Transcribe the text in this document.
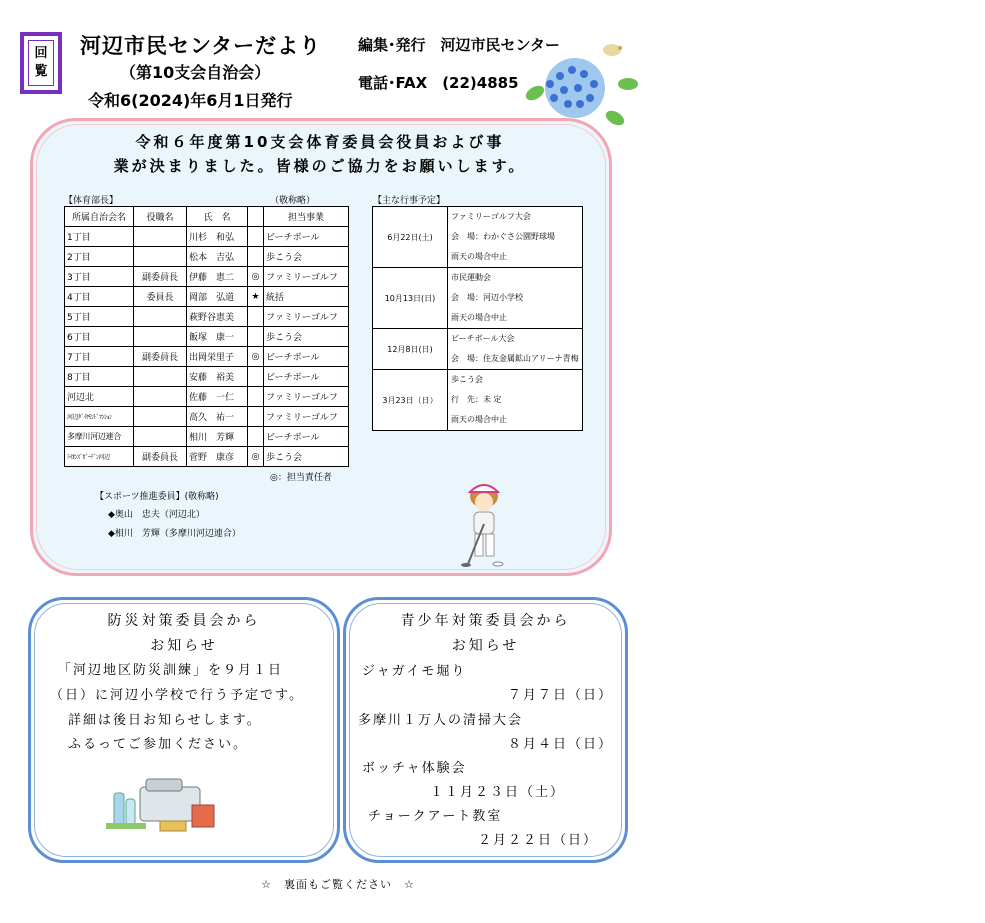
回
覧
河辺市民センターだより
（第10支会自治会）
令和6(2024)年6月1日発行
編集･発行　河辺市民センター
電話･FAX　(22)4885
令和６年度第10支会体育委員会役員および事
業が決まりました。皆様のご協力をお願いします。
【体育部長】	（敬称略）
所属自治会名	役職名	氏　名		担当事業
1丁目		川杉　和弘		ビーチボール
2丁目		松本　吉弘		歩こう会
3丁目	副委員長	伊藤　恵二	◎	ファミリーゴルフ
4丁目	委員長	岡部　弘道	★	統括
5丁目		萩野谷恵美		ファミリーゴルフ
6丁目		飯塚　康一		歩こう会
7丁目	副委員長	出岡栄里子	◎	ビーチボール
8丁目		安藤　裕美		ビーチボール
河辺北		佐藤　一仁		ファミリーゴルフ
河辺ﾀﾞｲﾔﾓﾝﾄﾞﾏﾝｼｮﾝ		高久　祐一		ファミリーゴルフ
多摩川河辺連合		相川　芳輝		ビーチボール
ﾗｲｵﾝｽﾞｶﾞｰﾃﾞﾝ河辺	副委員長	菅野　康彦	◎	歩こう会
◎：担当責任者
【主な行事予定】
6月22日(土)	ファミリーゴルフ大会
会　場：わかぐさ公園野球場
雨天の場合中止

10月13日(日)	市民運動会
会　場：河辺小学校
雨天の場合中止

12月8日(日)	ビーチボール大会
会　場：住友金属鉱山アリーナ青梅

3月23日（日）	歩こう会
行　先：未 定
雨天の場合中止
【スポーツ推進委員】(敬称略)
◆奥山　忠夫（河辺北）
◆相川　芳輝（多摩川河辺連合）
防災対策委員会から
お知らせ
「河辺地区防災訓練」を９月１日
（日）に河辺小学校で行う予定です。
詳細は後日お知らせします。
ふるってご参加ください。
青少年対策委員会から
お知らせ
ジャガイモ堀り
７月７日（日）
多摩川１万人の清掃大会
８月４日（日）
ボッチャ体験会
１１月２３日（土）
チョークアート教室
２月２２日（日）
☆　裏面もご覧ください　☆
